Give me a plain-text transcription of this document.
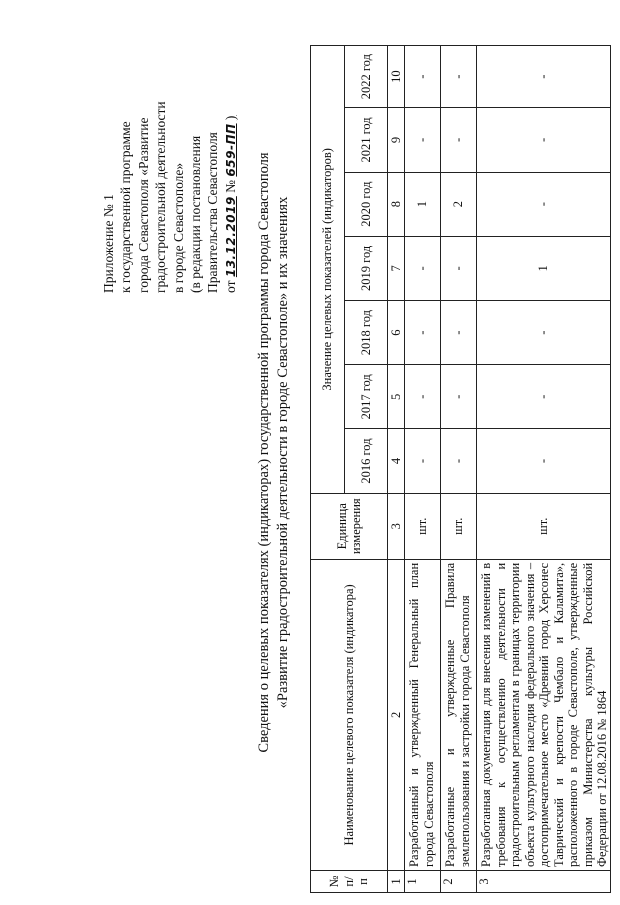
Приложение № 1 к государственной программе города Севастополя «Развитие градостроительной деятельности в городе Севастополе» (в редакции постановления Правительства Севастополя от 13.12.2019 № 659-ПП )
Сведения о целевых показателях (индикаторах) государственной программы города Севастополя «Развитие градостроительной деятельности в городе Севастополе» и их значениях
№ п/п	Наименование целевого показателя (индикатора)	Единица измерения	Значение целевых показателей (индикаторов)						
			2016 год	2017 год	2018 год	2019 год	2020 год	2021 год	2022 год
1	2	3	4	5	6	7	8	9	10
1	Разработанный и утвержденный Генеральный план города Севастополя	шт.	-	-	-	-	1	-	-
2	Разработанные и утвержденные Правила землепользования и застройки города Севастополя	шт.	-	-	-	-	2	-	-
3	Разработанная документация для внесения изменений в требования к осуществлению деятельности и градостроительным регламентам в границах территории объекта культурного наследия федерального значения – достопримечательное место «Древний город Херсонес Таврический и крепости Чембало и Каламита», расположенного в городе Севастополе, утвержденные приказом Министерства культуры Российской Федерации от 12.08.2016 № 1864	шт.	-	-	-	1	-	-	-
